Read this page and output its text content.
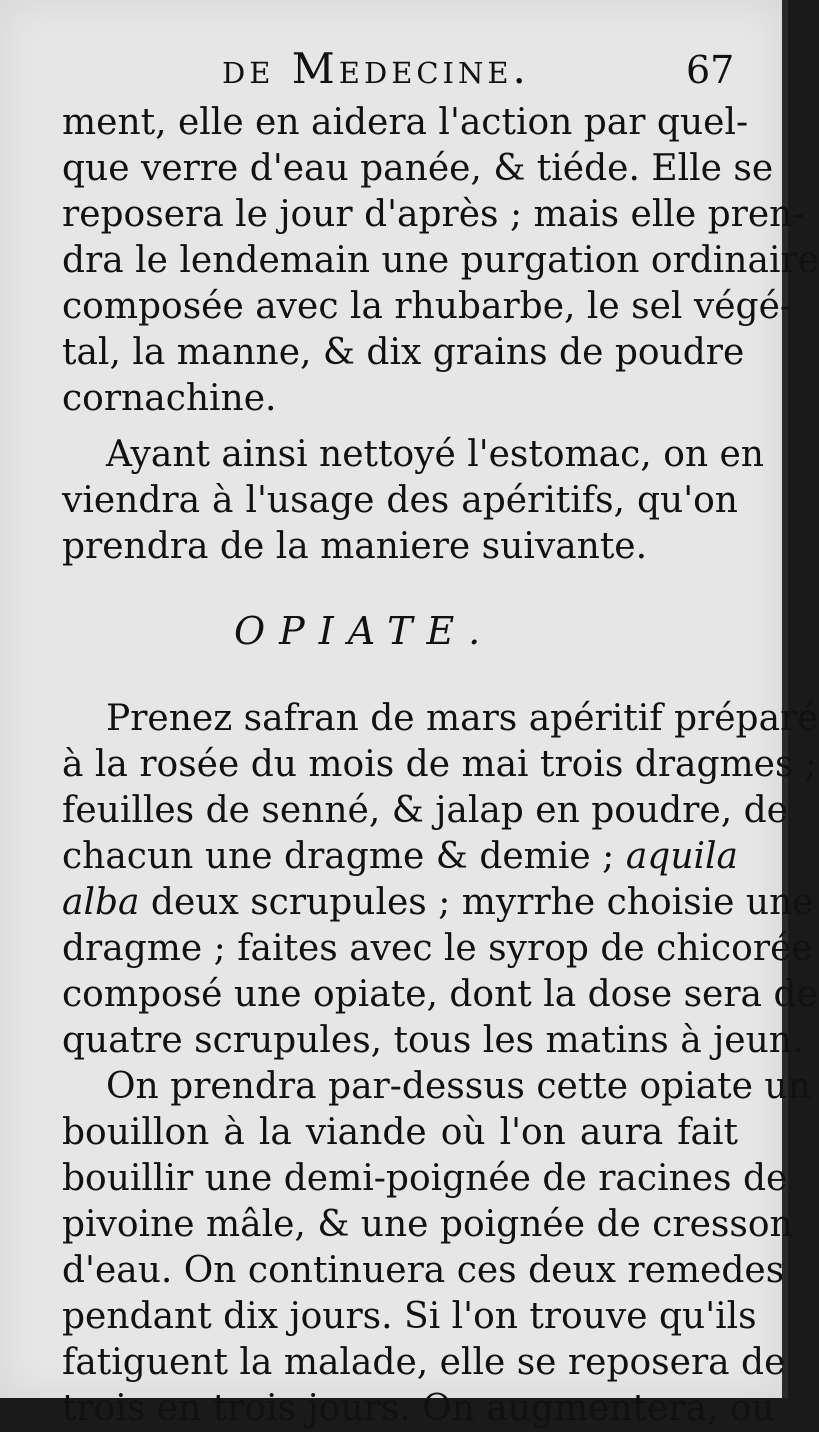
de Medecine.	67
ment, elle en aidera l'action par quel-
que verre d'eau panée, & tiéde. Elle se
reposera le jour d'après ; mais elle pren-
dra le lendemain une purgation ordinaire
composée avec la rhubarbe, le sel végé-
tal, la manne, & dix grains de poudre
cornachine.
Ayant ainsi nettoyé l'estomac, on en
viendra à l'usage des apéritifs, qu'on
prendra de la maniere suivante.
OPIATE.
Prenez safran de mars apéritif préparé
à la rosée du mois de mai trois dragmes ;
feuilles de senné, & jalap en poudre, de
chacun une dragme & demie ; aquila
alba deux scrupules ; myrrhe choisie une
dragme ; faites avec le syrop de chicorée
composé une opiate, dont la dose sera de
quatre scrupules, tous les matins à jeun.
On prendra par-dessus cette opiate un
bouillon à la viande où l'on aura fait
bouillir une demi-poignée de racines de
pivoine mâle, & une poignée de cresson
d'eau. On continuera ces deux remedes
pendant dix jours. Si l'on trouve qu'ils
fatiguent la malade, elle se reposera de
trois en trois jours. On augmentera, ou
